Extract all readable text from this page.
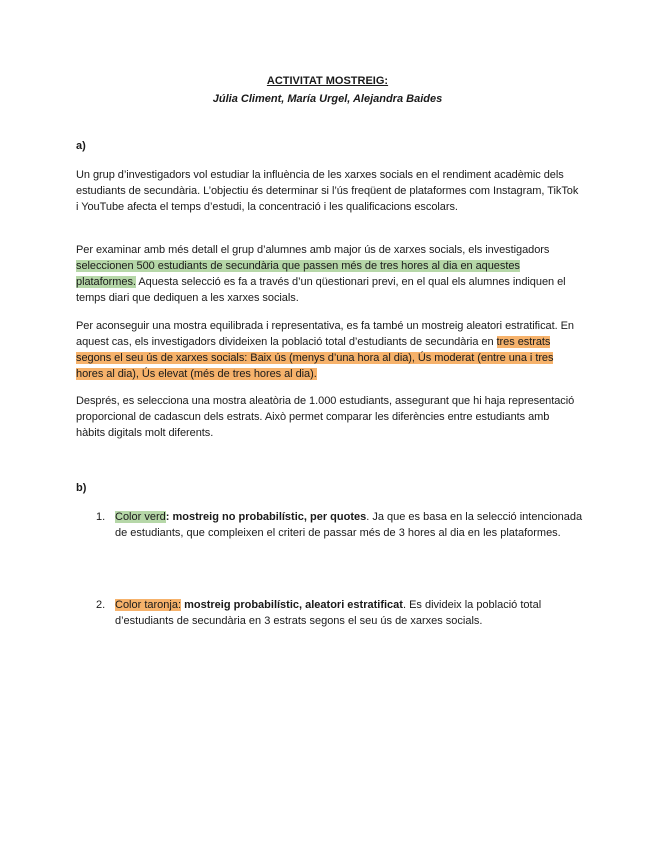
ACTIVITAT MOSTREIG:
Júlia Climent, María Urgel, Alejandra Baides
a)
Un grup d’investigadors vol estudiar la influència de les xarxes socials en el rendiment acadèmic dels estudiants de secundària. L’objectiu és determinar si l’ús freqüent de plataformes com Instagram, TikTok i YouTube afecta el temps d’estudi, la concentració i les qualificacions escolars.
Per examinar amb més detall el grup d’alumnes amb major ús de xarxes socials, els investigadors seleccionen 500 estudiants de secundària que passen més de tres hores al dia en aquestes plataformes. Aquesta selecció es fa a través d’un qüestionari previ, en el qual els alumnes indiquen el temps diari que dediquen a les xarxes socials.
Per aconseguir una mostra equilibrada i representativa, es fa també un mostreig aleatori estratificat. En aquest cas, els investigadors divideixen la població total d’estudiants de secundària en tres estrats segons el seu ús de xarxes socials: Baix ús (menys d’una hora al dia), Ús moderat (entre una i tres hores al dia), Ús elevat (més de tres hores al dia).
Després, es selecciona una mostra aleatòria de 1.000 estudiants, assegurant que hi haja representació proporcional de cadascun dels estrats. Això permet comparar les diferències entre estudiants amb hàbits digitals molt diferents.
b)
1. Color verd: mostreig no probabilístic, per quotes. Ja que es basa en la selecció intencionada de estudiants, que compleixen el criteri de passar més de 3 hores al dia en les plataformes.
2. Color taronja: mostreig probabilístic, aleatori estratificat. Es divideix la població total d’estudiants de secundària en 3 estrats segons el seu ús de xarxes socials.
